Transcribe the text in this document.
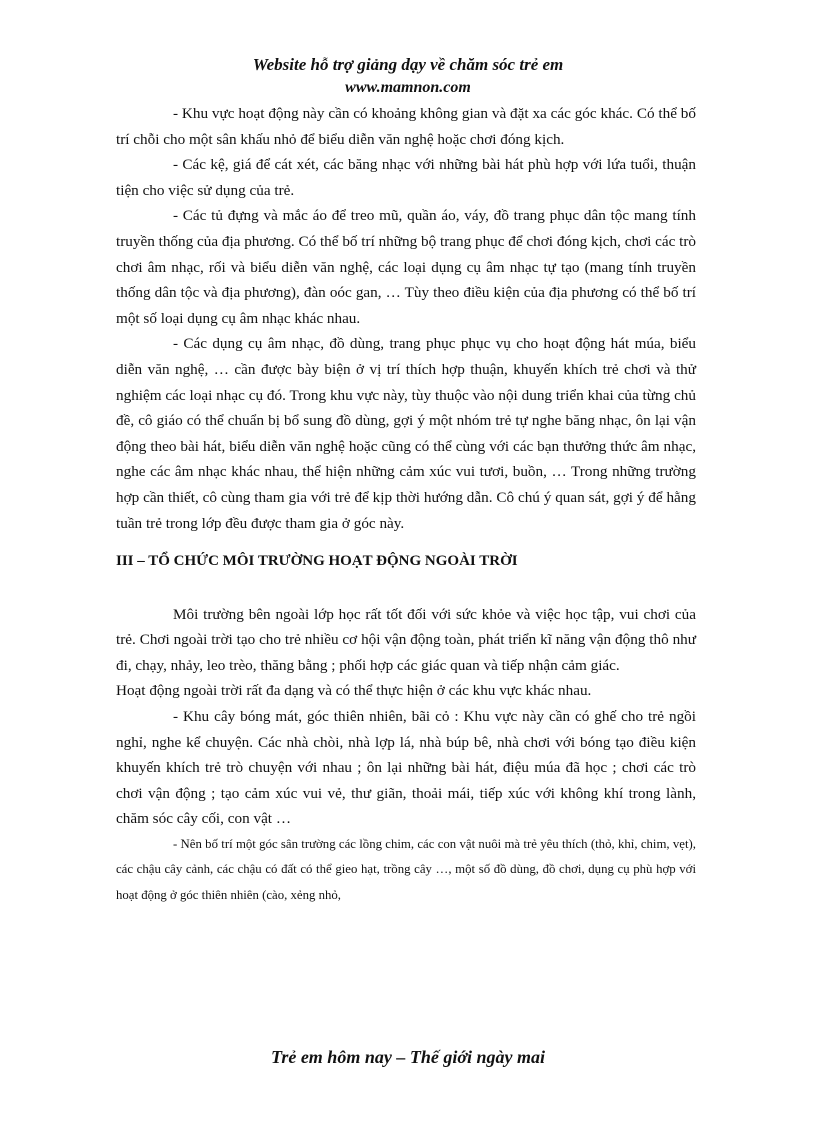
Website hỗ trợ giảng dạy về chăm sóc trẻ em
www.mamnon.com

- Khu vực hoạt động này cần có khoảng không gian và đặt xa các góc khác. Có thể bố trí chỗi cho một sân khấu nhỏ để biểu diễn văn nghệ hoặc chơi đóng kịch.

- Các kệ, giá để cát xét, các băng nhạc với những bài hát phù hợp với lứa tuổi, thuận tiện cho việc sử dụng của trẻ.

- Các tủ đựng và mắc áo để treo mũ, quần áo, váy, đồ trang phục dân tộc mang tính truyền thống của địa phương. Có thể bố trí những bộ trang phục để chơi đóng kịch, chơi các trò chơi âm nhạc, rối và biểu diễn văn nghệ, các loại dụng cụ âm nhạc tự tạo (mang tính truyền thống dân tộc và địa phương), đàn oóc gan, … Tùy theo điều kiện của địa phương có thể bố trí một số loại dụng cụ âm nhạc khác nhau.

- Các dụng cụ âm nhạc, đồ dùng, trang phục phục vụ cho hoạt động hát múa, biểu diễn văn nghệ, … cần được bày biện ở vị trí thích hợp thuận, khuyến khích trẻ chơi và thử nghiệm các loại nhạc cụ đó. Trong khu vực này, tùy thuộc vào nội dung triển khai của từng chủ đề, cô giáo có thể chuẩn bị bổ sung đồ dùng, gợi ý một nhóm trẻ tự nghe băng nhạc, ôn lại vận động theo bài hát, biểu diễn văn nghệ hoặc cũng có thể cùng với các bạn thưởng thức âm nhạc, nghe các âm nhạc khác nhau, thể hiện những cảm xúc vui tươi, buồn, … Trong những trường hợp cần thiết, cô cùng tham gia với trẻ để kịp thời hướng dẫn. Cô chú ý quan sát, gợi ý để hằng tuần trẻ trong lớp đều được tham gia ở góc này.

III – TỔ CHỨC MÔI TRƯỜNG HOẠT ĐỘNG NGOÀI TRỜI

Môi trường bên ngoài lớp học rất tốt đối với sức khỏe và việc học tập, vui chơi của trẻ. Chơi ngoài trời tạo cho trẻ nhiều cơ hội vận động toàn, phát triển kĩ năng vận động thô như đi, chạy, nhảy, leo trèo, thăng bằng ; phối hợp các giác quan và tiếp nhận cảm giác.

Hoạt động ngoài trời rất đa dạng và có thể thực hiện ở các khu vực khác nhau.

- Khu cây bóng mát, góc thiên nhiên, bãi cỏ : Khu vực này cần có ghế cho trẻ ngồi nghỉ, nghe kể chuyện. Các nhà chòi, nhà lợp lá, nhà búp bê, nhà chơi với bóng tạo điều kiện khuyến khích trẻ trò chuyện với nhau ; ôn lại những bài hát, điệu múa đã học ; chơi các trò chơi vận động ; tạo cảm xúc vui vẻ, thư giãn, thoải mái, tiếp xúc với không khí trong lành, chăm sóc cây cối, con vật …

- Nên bố trí một góc sân trường các lồng chim, các con vật nuôi mà trẻ yêu thích (thỏ, khỉ, chim, vẹt), các chậu cây cảnh, các chậu có đất có thể gieo hạt, trồng cây …, một số đồ dùng, đồ chơi, dụng cụ phù hợp với hoạt động ở góc thiên nhiên (cào, xẻng nhỏ,

Trẻ em hôm nay – Thế giới ngày mai
